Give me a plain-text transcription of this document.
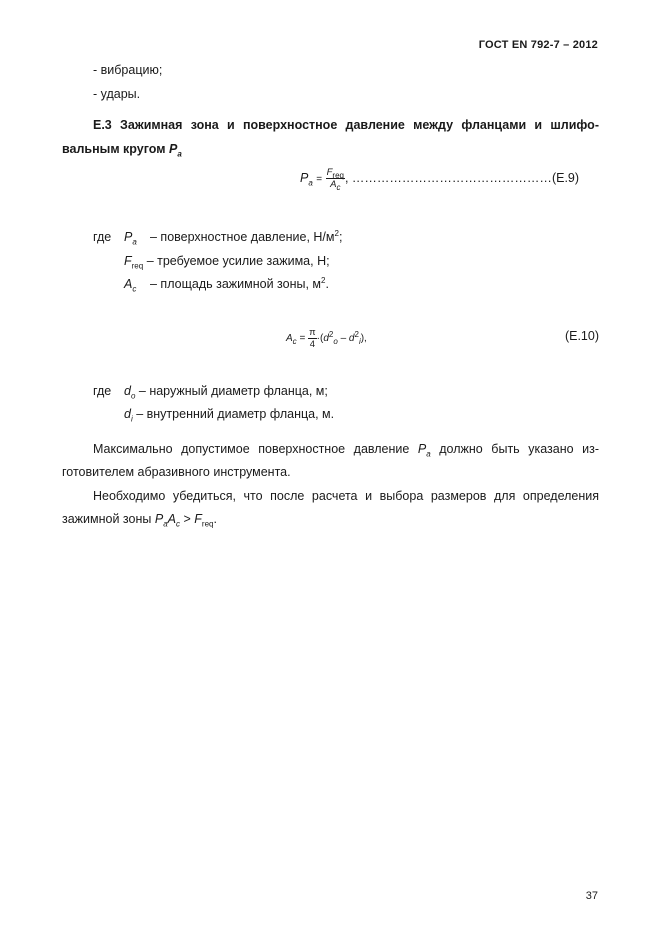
ГОСТ EN 792-7 – 2012
- вибрацию;
- удары.
Е.3 Зажимная зона и поверхностное давление между фланцами и шлифо-
вальным кругом $P_a$
$P_a = \frac{F_{req}}{A_c}$ , …………………………………………(Е.9)
где $P_a$ – поверхностное давление, $Н/м^2$;
$F_{req}$ – требуемое усилие зажима, Н;
$A_c$ – площадь зажимной зоны, $м^2$.
$A_c = \frac{\pi}{4} \cdot(d^2_o - d^2_i)$,	(Е.10)
где $d_o$ – наружный диаметр фланца, м;
$d_i$ – внутренний диаметр фланца, м.
Максимально допустимое поверхностное давление $P_a$ должно быть указано из-готовителем абразивного инструмента.
Необходимо убедиться, что после расчета и выбора размеров для определения зажимной зоны $P_aA_c > F_{req}$.
37
